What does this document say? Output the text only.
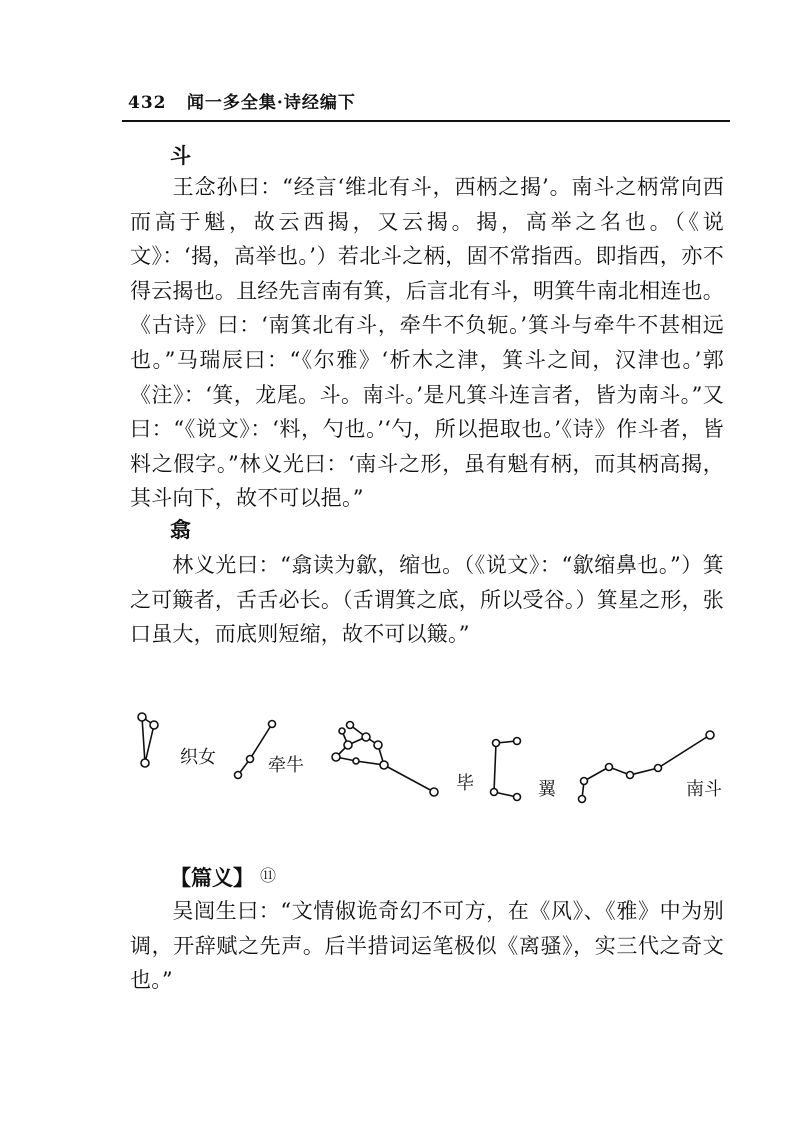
432 闻一多全集·诗经编下
斗

王念孙曰：“经言‘维北有斗，西柄之揭’。南斗之柄常向西而高于魁，故云西揭，又云揭。揭，高举之名也。（《说文》：‘揭，高举也。’）若北斗之柄，固不常指西。即指西，亦不得云揭也。且经先言南有箕，后言北有斗，明箕牛南北相连也。《古诗》曰：‘南箕北有斗，牵牛不负轭。’箕斗与牵牛不甚相远也。”马瑞辰曰：“《尔雅》‘析木之津，箕斗之间，汉津也。’郭《注》：‘箕，龙尾。斗。南斗。’是凡箕斗连言者，皆为南斗。”又曰：“《说文》：‘料，勺也。’‘勺，所以挹取也。’《诗》作斗者，皆料之假字。”林义光曰：‘南斗之形，虽有魁有柄，而其柄高揭，其斗向下，故不可以挹。”

翕

林义光曰：“翕读为歙，缩也。（《说文》：“歙缩鼻也。”）箕之可簸者，舌舌必长。（舌谓箕之底，所以受谷。）箕星之形，张口虽大，而底则短缩，故不可以簸。”

织女	牵牛
毕	翼	南斗
【篇义】 ⑪

吴闿生曰：“文情俶诡奇幻不可方，在《风》、《雅》中为别调，开辞赋之先声。后半措词运笔极似《离骚》，实三代之奇文也。”
